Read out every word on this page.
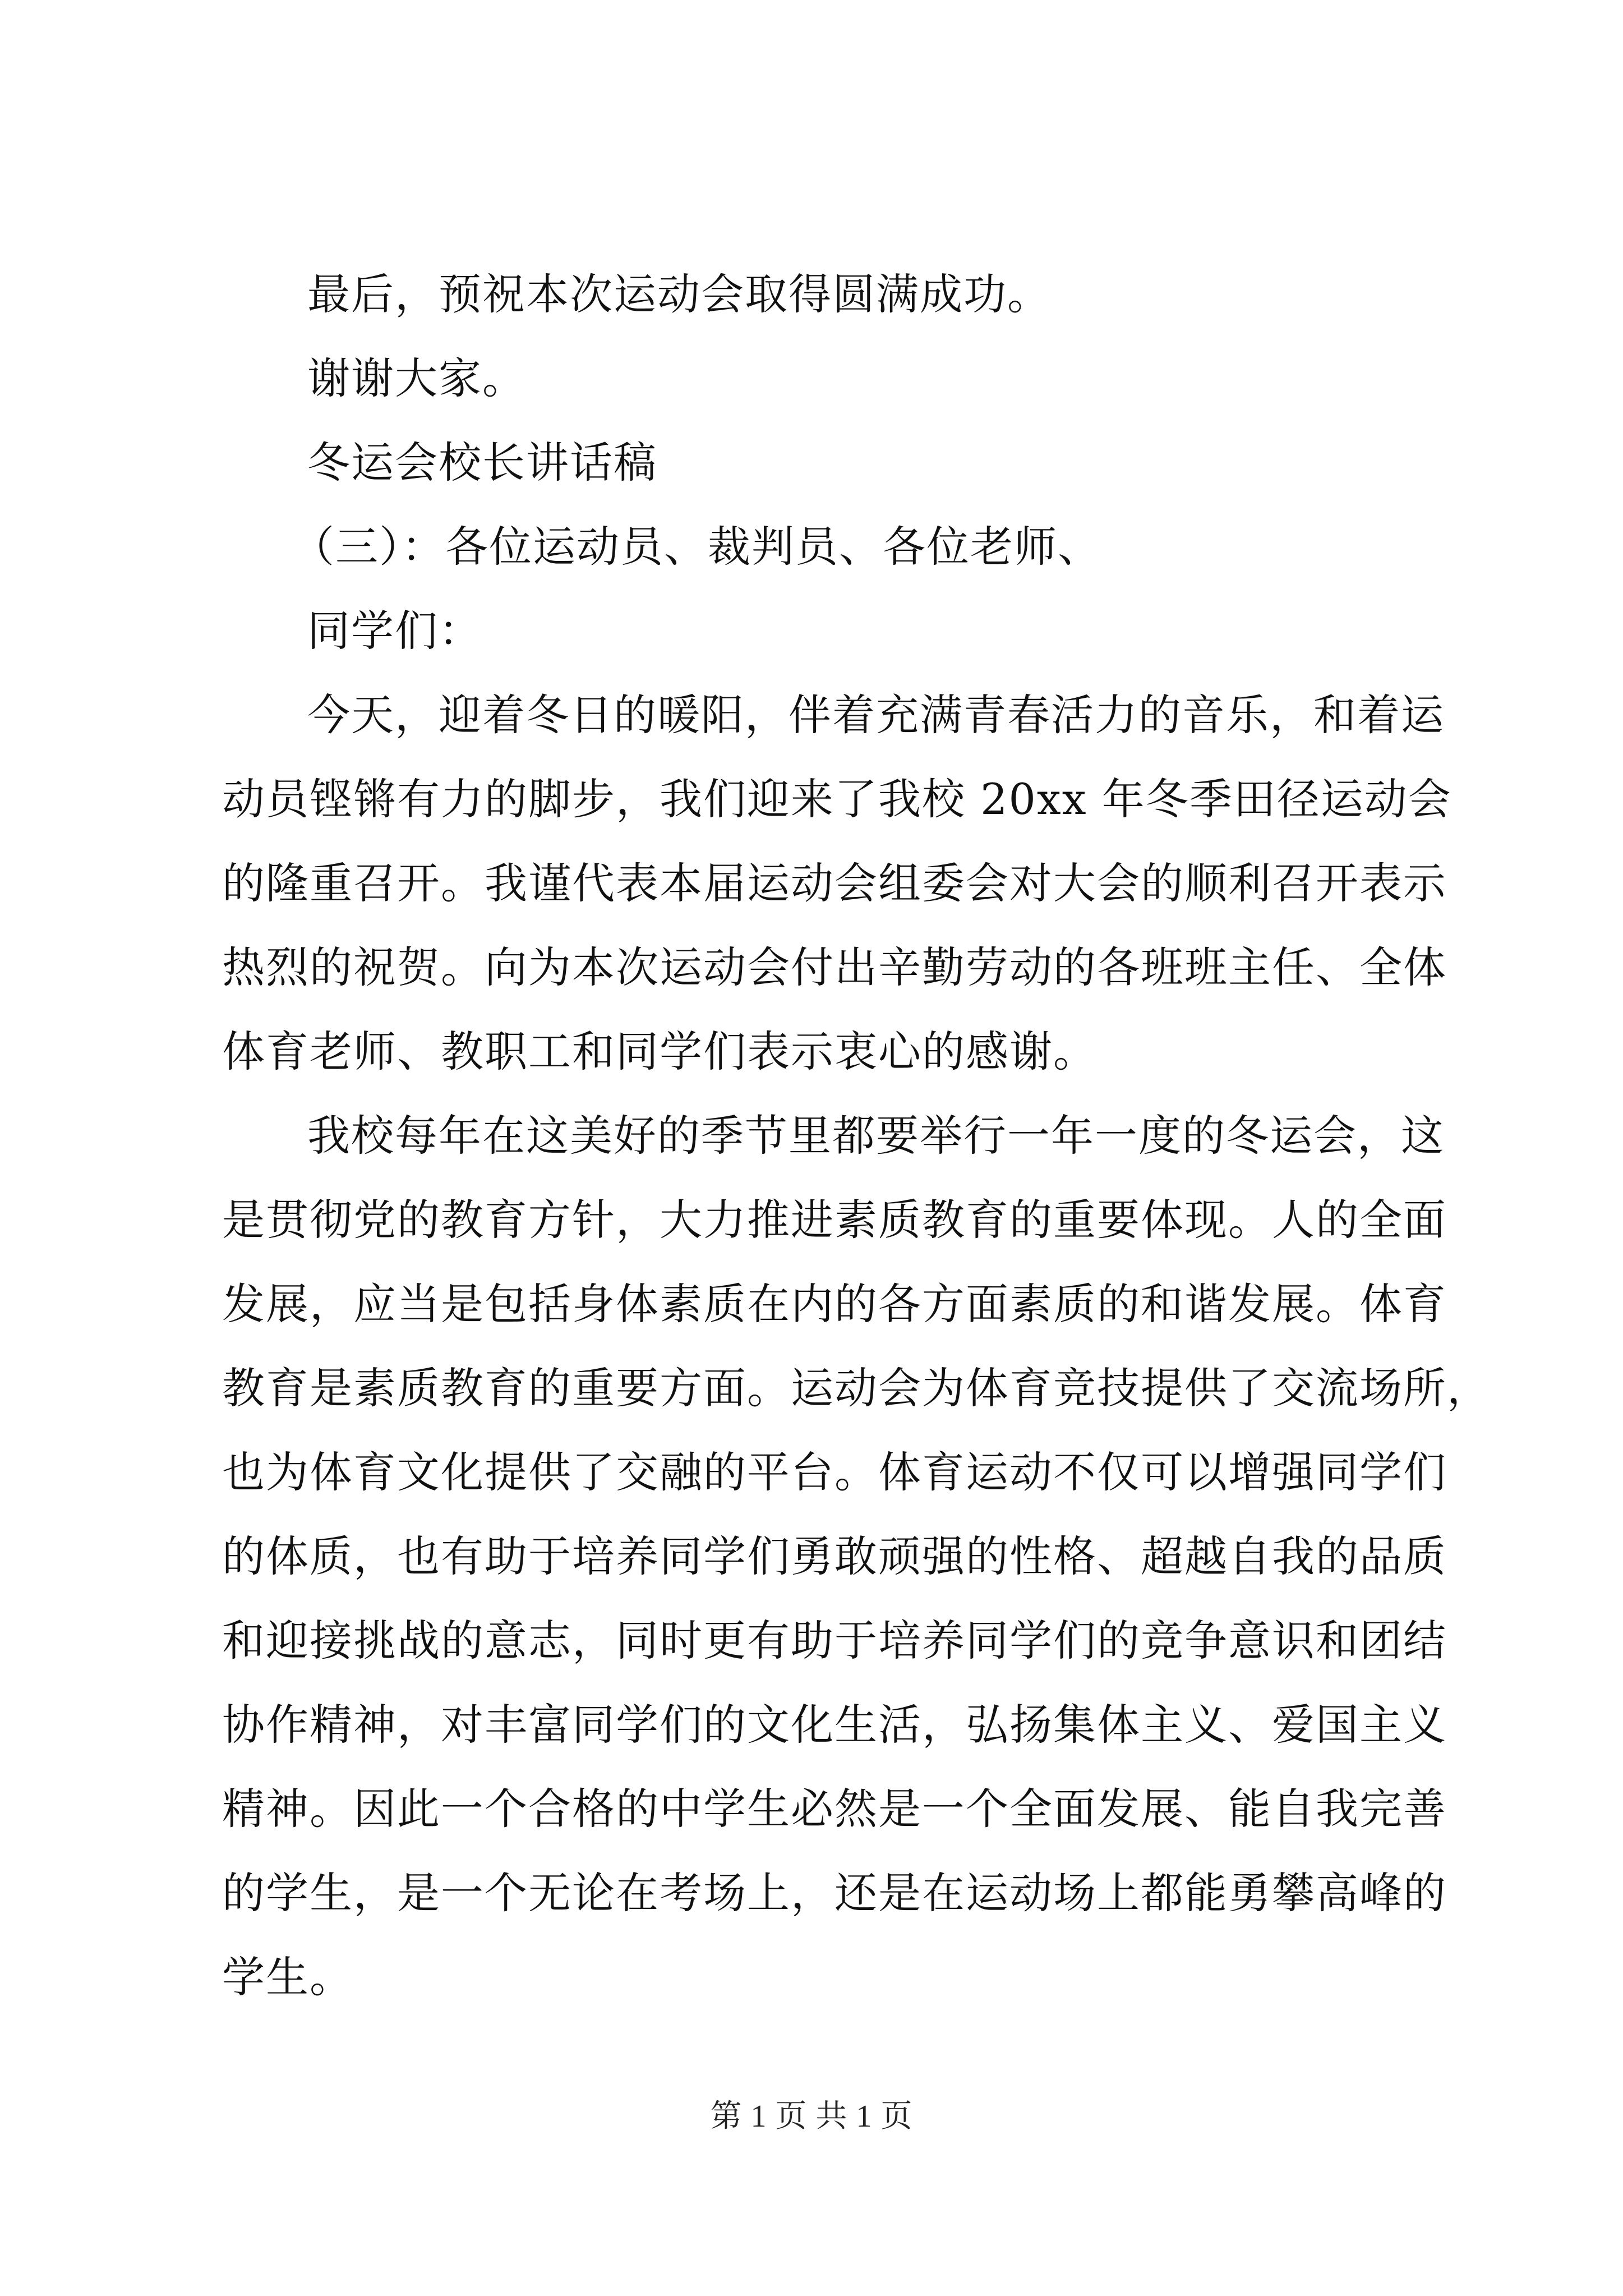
最后，预祝本次运动会取得圆满成功。
谢谢大家。
冬运会校长讲话稿
（三）：各位运动员、裁判员、各位老师、
同学们：
今天，迎着冬日的暖阳，伴着充满青春活力的音乐，和着运
动员铿锵有力的脚步，我们迎来了我校 20xx 年冬季田径运动会
的隆重召开。我谨代表本届运动会组委会对大会的顺利召开表示
热烈的祝贺。向为本次运动会付出辛勤劳动的各班班主任、全体
体育老师、教职工和同学们表示衷心的感谢。
我校每年在这美好的季节里都要举行一年一度的冬运会，这
是贯彻党的教育方针，大力推进素质教育的重要体现。人的全面
发展，应当是包括身体素质在内的各方面素质的和谐发展。体育
教育是素质教育的重要方面。运动会为体育竞技提供了交流场所，
也为体育文化提供了交融的平台。体育运动不仅可以增强同学们
的体质，也有助于培养同学们勇敢顽强的性格、超越自我的品质
和迎接挑战的意志，同时更有助于培养同学们的竞争意识和团结
协作精神，对丰富同学们的文化生活，弘扬集体主义、爱国主义
精神。因此一个合格的中学生必然是一个全面发展、能自我完善
的学生，是一个无论在考场上，还是在运动场上都能勇攀高峰的
学生。
第 1 页 共 1 页
